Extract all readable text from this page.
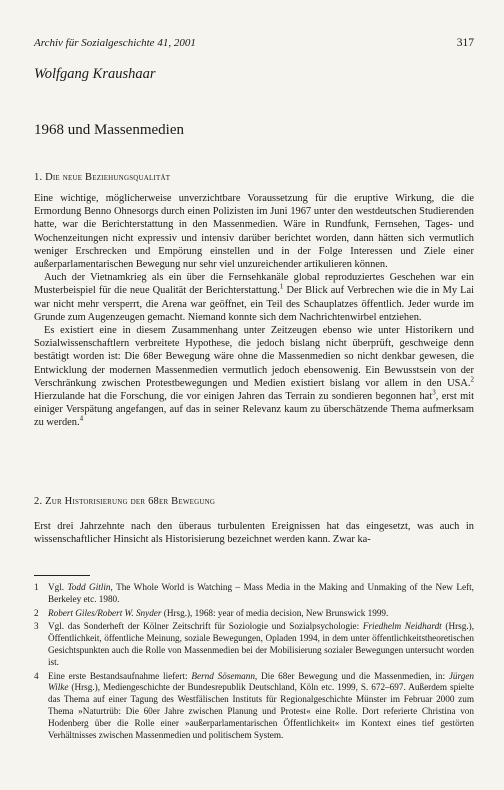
Archiv für Sozialgeschichte 41, 2001	317
Wolfgang Kraushaar
1968 und Massenmedien
1. Die neue Beziehungsqualität

Eine wichtige, möglicherweise unverzichtbare Voraussetzung für die eruptive Wirkung, die die Ermordung Benno Ohnesorgs durch einen Polizisten im Juni 1967 unter den westdeutschen Studierenden hatte, war die Berichterstattung in den Massenmedien. Wäre in Rundfunk, Fernsehen, Tages- und Wochenzeitungen nicht expressiv und intensiv darüber berichtet worden, dann hätten sich vermutlich weniger Erschrecken und Empörung einstellen und in der Folge Interessen und Ziele einer außerparlamentarischen Bewegung nur sehr viel unzureichender artikulieren können.

Auch der Vietnamkrieg als ein über die Fernsehkanäle global reproduziertes Geschehen war ein Musterbeispiel für die neue Qualität der Berichterstattung.$^1$ Der Blick auf Verbrechen wie die in My Lai war nicht mehr versperrt, die Arena war geöffnet, ein Teil des Schauplatzes öffentlich. Jeder wurde im Grunde zum Augenzeugen gemacht. Niemand konnte sich dem Nachrichtenwirbel entziehen.

Es existiert eine in diesem Zusammenhang unter Zeitzeugen ebenso wie unter Historikern und Sozialwissenschaftlern verbreitete Hypothese, die jedoch bislang nicht überprüft, geschweige denn bestätigt worden ist: Die 68er Bewegung wäre ohne die Massenmedien so nicht denkbar gewesen, die Entwicklung der modernen Massenmedien vermutlich jedoch ebensowenig. Ein Bewusstsein von der Verschränkung zwischen Protestbewegungen und Medien existiert bislang vor allem in den USA.$^2$ Hierzulande hat die Forschung, die vor einigen Jahren das Terrain zu sondieren begonnen hat$^3$, erst mit einiger Verspätung angefangen, auf das in seiner Relevanz kaum zu überschätzende Thema aufmerksam zu werden.$^4$

2. Zur Historisierung der 68er Bewegung

Erst drei Jahrzehnte nach den überaus turbulenten Ereignissen hat das eingesetzt, was auch in wissenschaftlicher Hinsicht als Historisierung bezeichnet werden kann. Zwar ka-

1	Vgl. Todd Gitlin, The Whole World is Watching – Mass Media in the Making and Unmaking of the New Left, Berkeley etc. 1980.
2	Robert Giles/Robert W. Snyder (Hrsg.), 1968: year of media decision, New Brunswick 1999.
3	Vgl. das Sonderheft der Kölner Zeitschrift für Soziologie und Sozialpsychologie: Friedhelm Neidhardt (Hrsg.), Öffentlichkeit, öffentliche Meinung, soziale Bewegungen, Opladen 1994, in dem unter öffentlichkeitstheoretischen Gesichtspunkten auch die Rolle von Massenmedien bei der Mobilisierung sozialer Bewegungen untersucht worden ist.
4	Eine erste Bestandsaufnahme liefert: Bernd Sösemann, Die 68er Bewegung und die Massenmedien, in: Jürgen Wilke (Hrsg.), Mediengeschichte der Bundesrepublik Deutschland, Köln etc. 1999, S. 672–697. Außerdem spielte das Thema auf einer Tagung des Westfälischen Instituts für Regionalgeschichte Münster im Februar 2000 zum Thema »Naturtrüb: Die 60er Jahre zwischen Planung und Protest« eine Rolle. Dort referierte Christina von Hodenberg über die Rolle einer »außerparlamentarischen Öffentlichkeit« im Kontext eines tief gestörten Verhältnisses zwischen Massenmedien und politischem System.
